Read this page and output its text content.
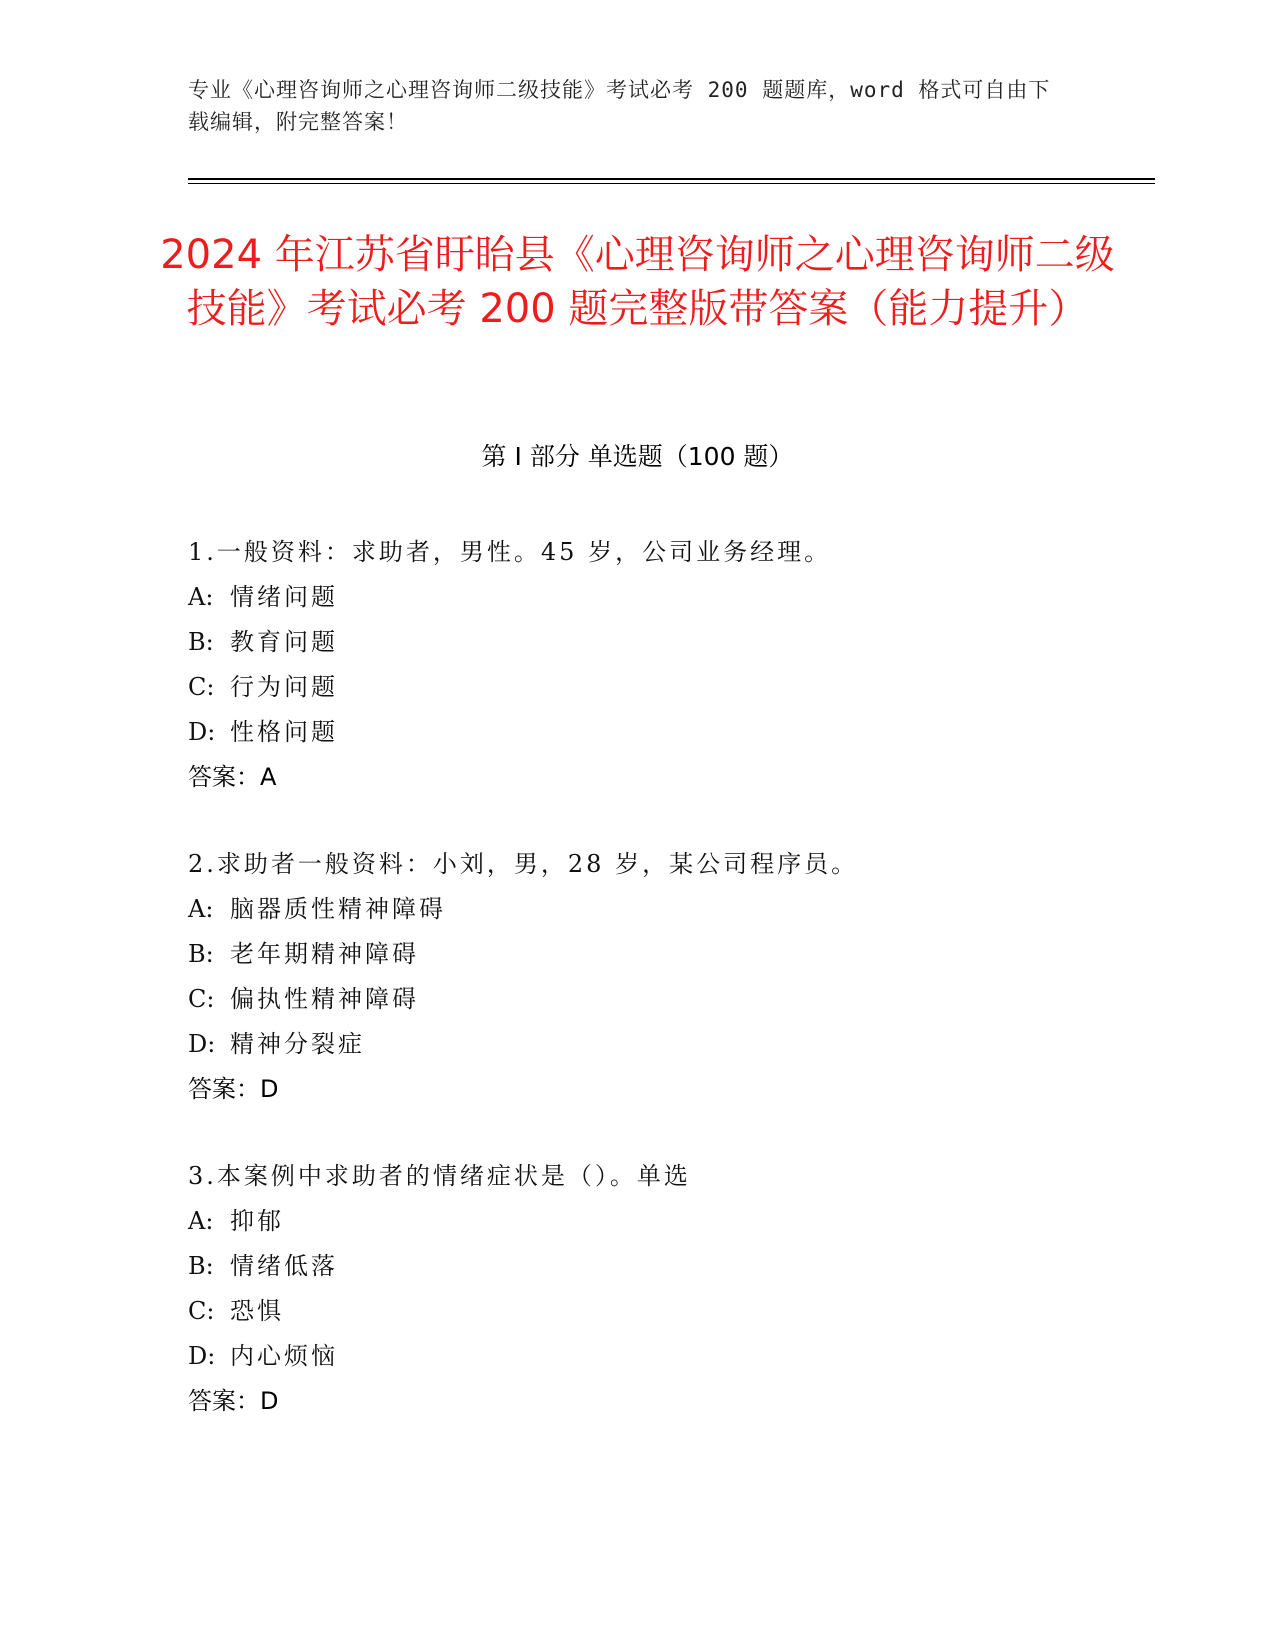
专业《心理咨询师之心理咨询师二级技能》考试必考 200 题题库，word 格式可自由下载编辑，附完整答案！
2024 年江苏省盱眙县《心理咨询师之心理咨询师二级技能》考试必考 200 题完整版带答案（能力提升）
第 I 部分 单选题（100 题）
1.一般资料：求助者，男性。45 岁，公司业务经理。
A: 情绪问题
B: 教育问题
C: 行为问题
D: 性格问题
答案：A
2.求助者一般资料：小刘，男，28 岁，某公司程序员。
A: 脑器质性精神障碍
B: 老年期精神障碍
C: 偏执性精神障碍
D: 精神分裂症
答案：D
3.本案例中求助者的情绪症状是（）。单选
A: 抑郁
B: 情绪低落
C: 恐惧
D: 内心烦恼
答案：D
